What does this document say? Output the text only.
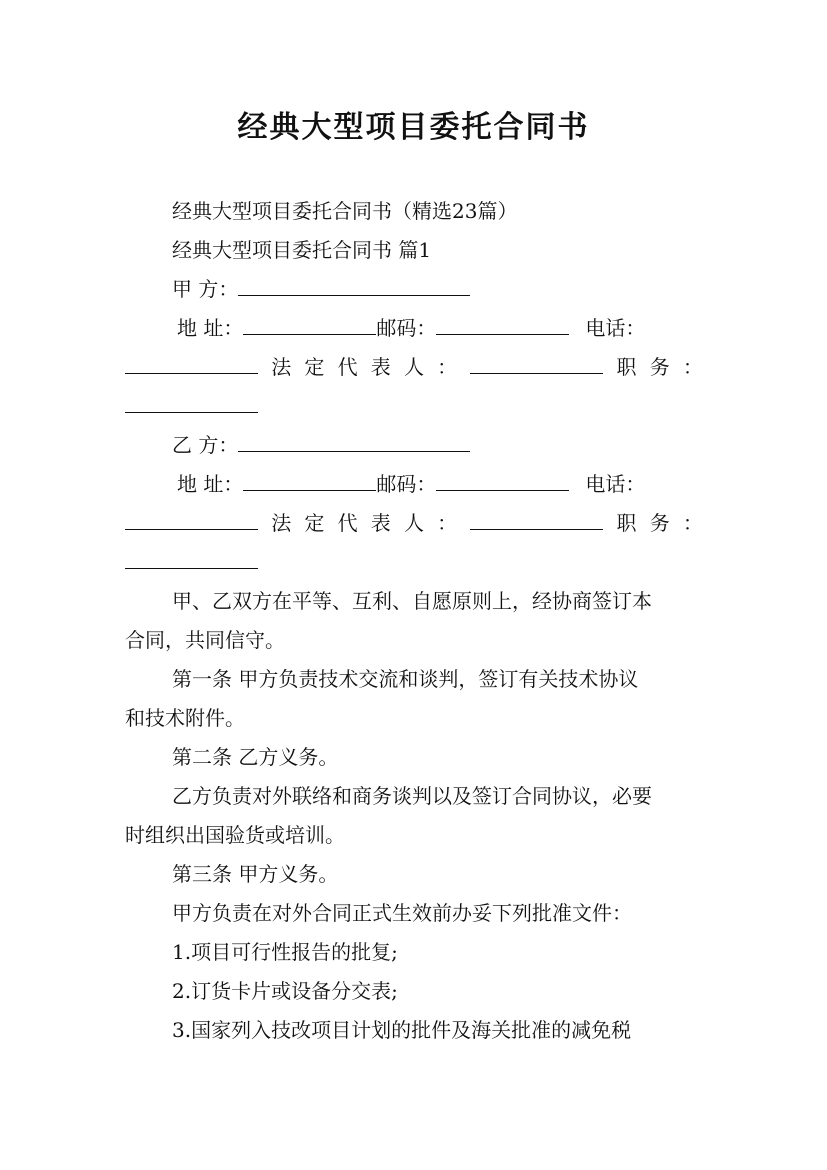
经典大型项目委托合同书
经典大型项目委托合同书（精选23篇）
经典大型项目委托合同书 篇1
甲 方：
地 址：	邮码：	电话：
法 定 代 表 人 ：	职 务 ：
乙 方：
地 址：	邮码：	电话：
法 定 代 表 人 ：	职 务 ：
甲、乙双方在平等、互利、自愿原则上，经协商签订本
合同，共同信守。
第一条 甲方负责技术交流和谈判，签订有关技术协议
和技术附件。
第二条 乙方义务。
乙方负责对外联络和商务谈判以及签订合同协议，必要
时组织出国验货或培训。
第三条 甲方义务。
甲方负责在对外合同正式生效前办妥下列批准文件：
1.项目可行性报告的批复;
2.订货卡片或设备分交表;
3.国家列入技改项目计划的批件及海关批准的减免税
